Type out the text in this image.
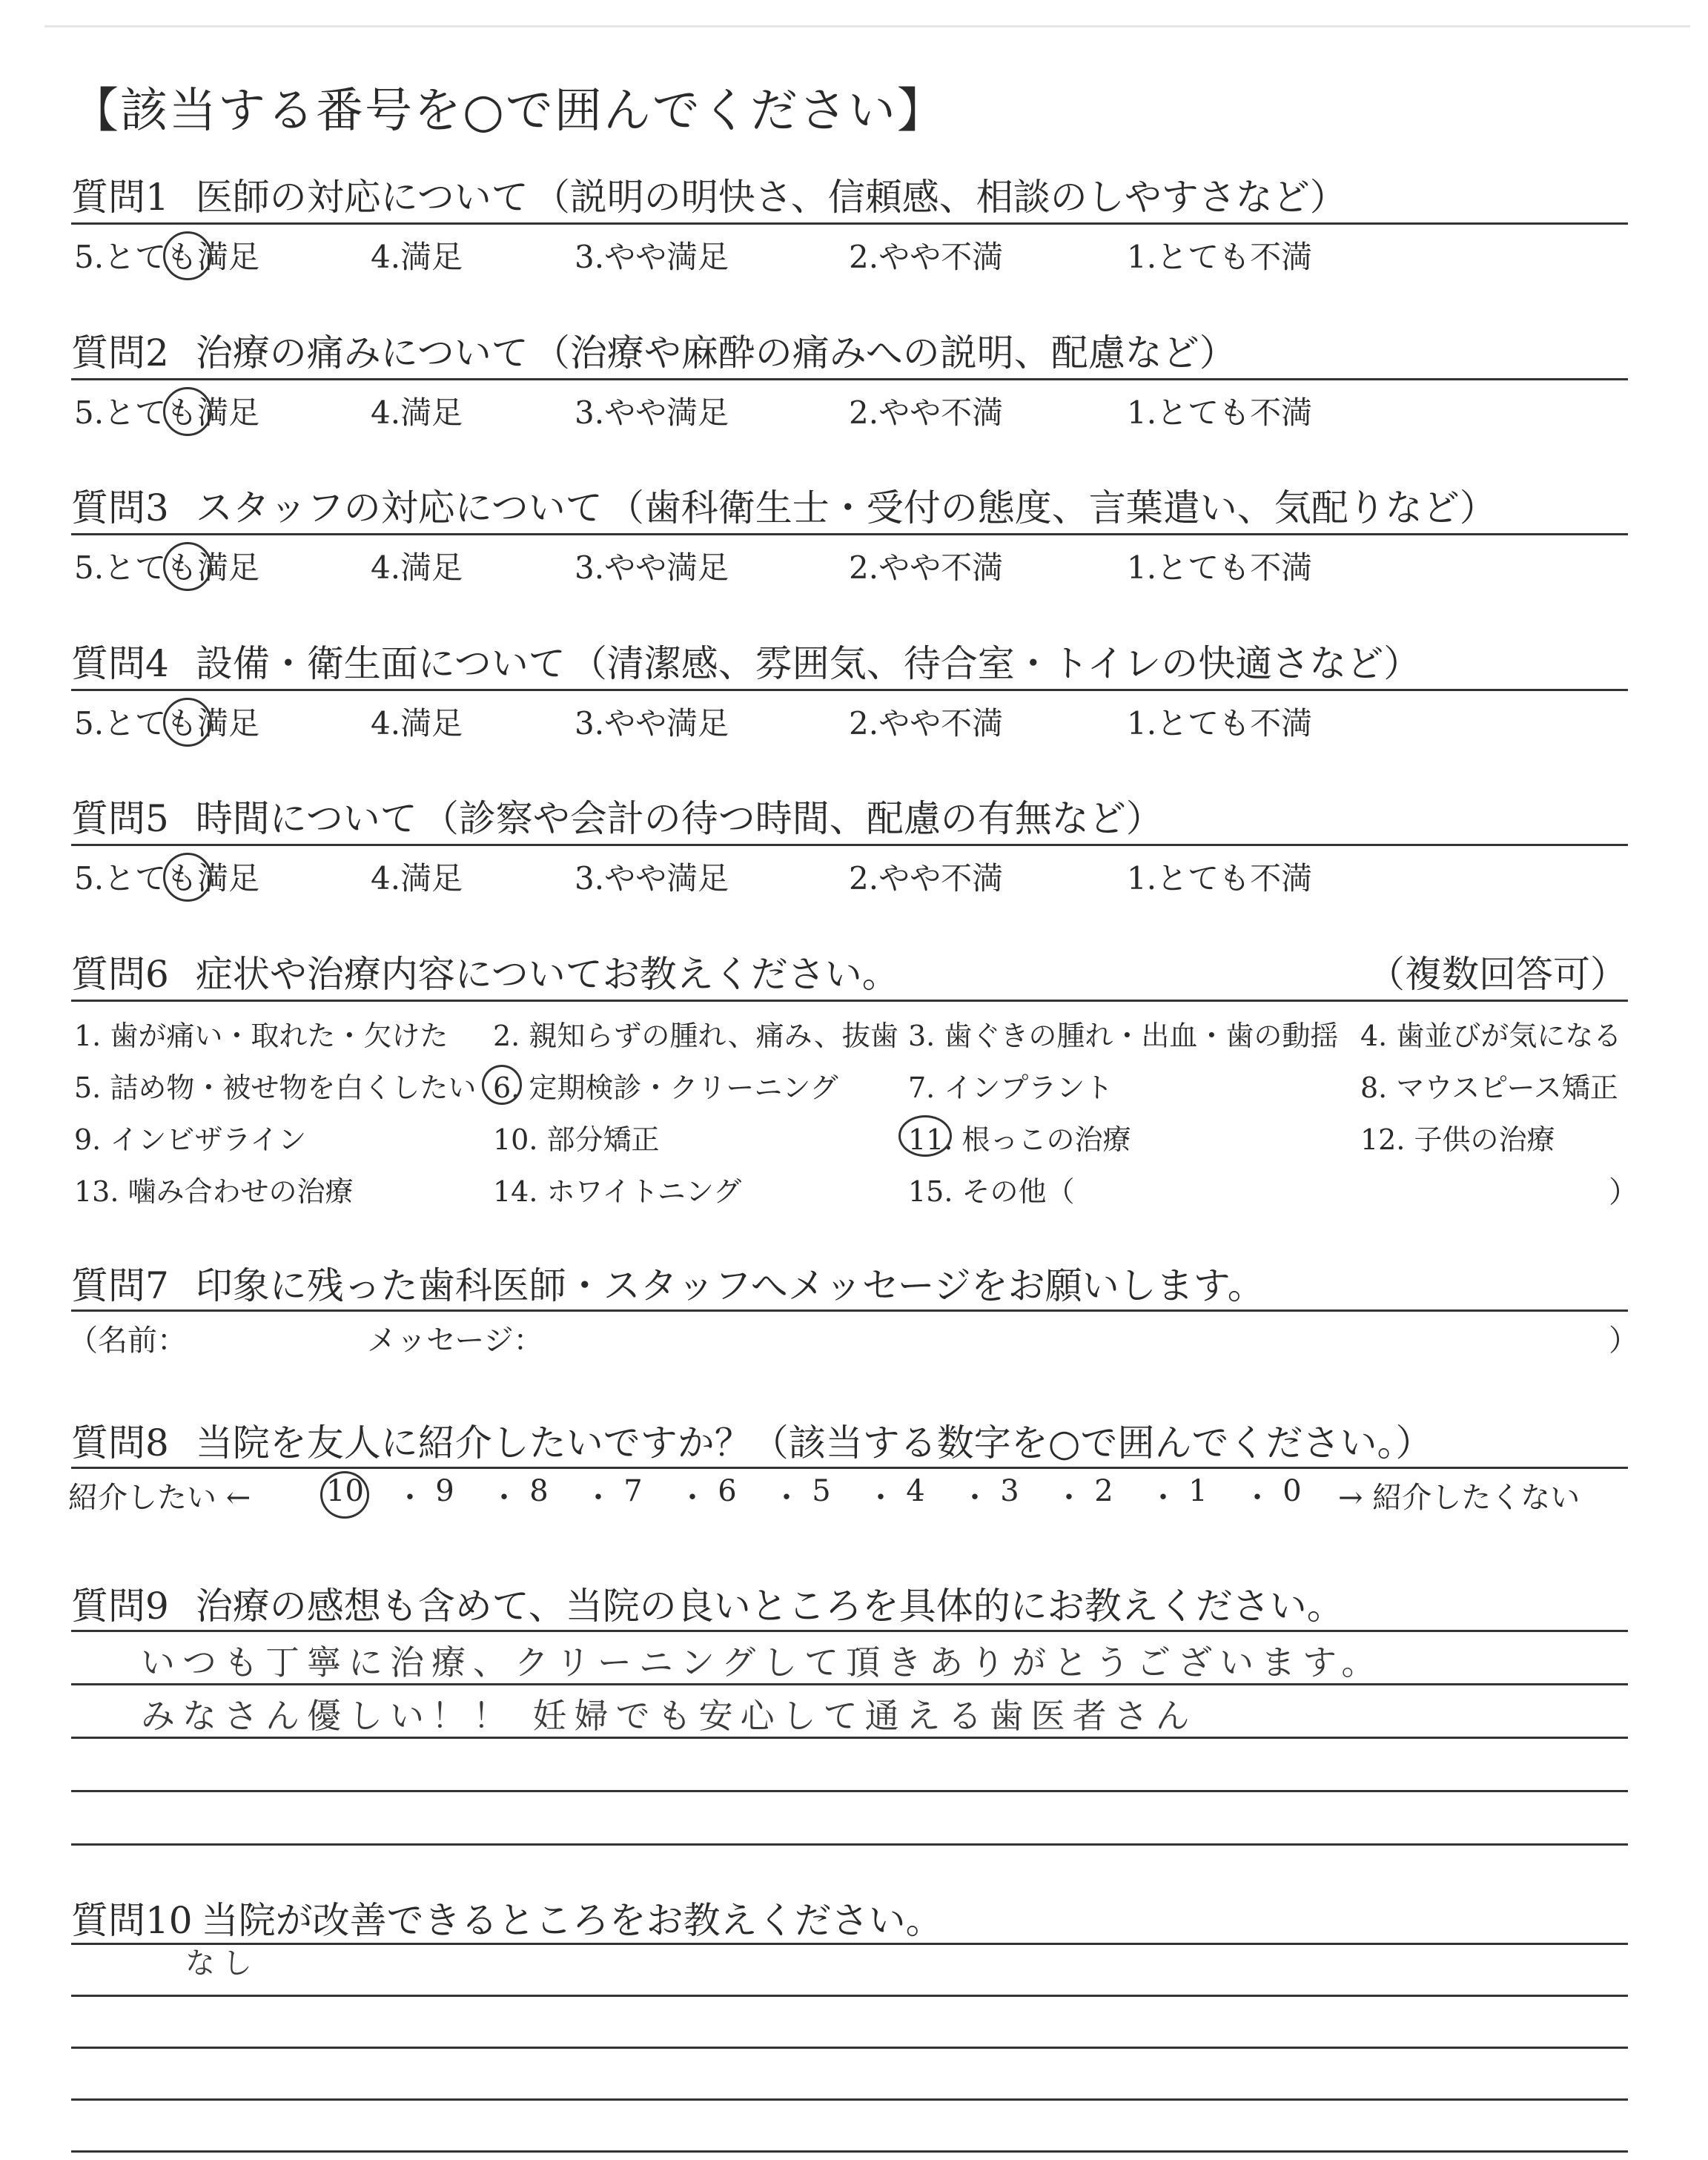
【該当する番号を○で囲んでください】
質問1 医師の対応について （説明の明快さ、信頼感、相談のしやすさなど）
5.とても満足	4.満足	3.やや満足	2.やや不満	1.とても不満
質問2 治療の痛みについて （治療や麻酔の痛みへの説明、配慮など）
5.とても満足	4.満足	3.やや満足	2.やや不満	1.とても不満
質問3 スタッフの対応について （歯科衛生士・受付の態度、言葉遣い、気配りなど）
5.とても満足	4.満足	3.やや満足	2.やや不満	1.とても不満
質問4 設備・衛生面について （清潔感、雰囲気、待合室・トイレの快適さなど）
5.とても満足	4.満足	3.やや満足	2.やや不満	1.とても不満
質問5 時間について （診察や会計の待つ時間、配慮の有無など）
5.とても満足	4.満足	3.やや満足	2.やや不満	1.とても不満
質問6 症状や治療内容についてお教えください。	（複数回答可）
1. 歯が痛い・取れた・欠けた 2. 親知らずの腫れ、痛み、抜歯 3. 歯ぐきの腫れ・出血・歯の動揺 4. 歯並びが気になる
5. 詰め物・被せ物を白くしたい 6. 定期検診・クリーニング 7. インプラント	8. マウスピース矯正
9. インビザライン	10. 部分矯正	11. 根っこの治療	12. 子供の治療
13. 噛み合わせの治療	14. ホワイトニング	15. その他（	）
質問7 印象に残った歯科医師・スタッフへメッセージをお願いします。
（名前：	メッセージ：	）
質問8 当院を友人に紹介したいですか？（該当する数字を○で囲んでください。）
紹介したい ←	10 ・ 9	・ 8	・ 7	・ 6	・ 5	・ 4	・ 3	・ 2	・ 1	・ 0	→ 紹介したくない
質問9 治療の感想も含めて、当院の良いところを具体的にお教えください。
いつも丁寧に治療、クリーニングして頂きありがとうございます。
みなさん優しい！！ 妊婦でも安心して通える歯医者さん
質問10 当院が改善できるところをお教えください。
なし
